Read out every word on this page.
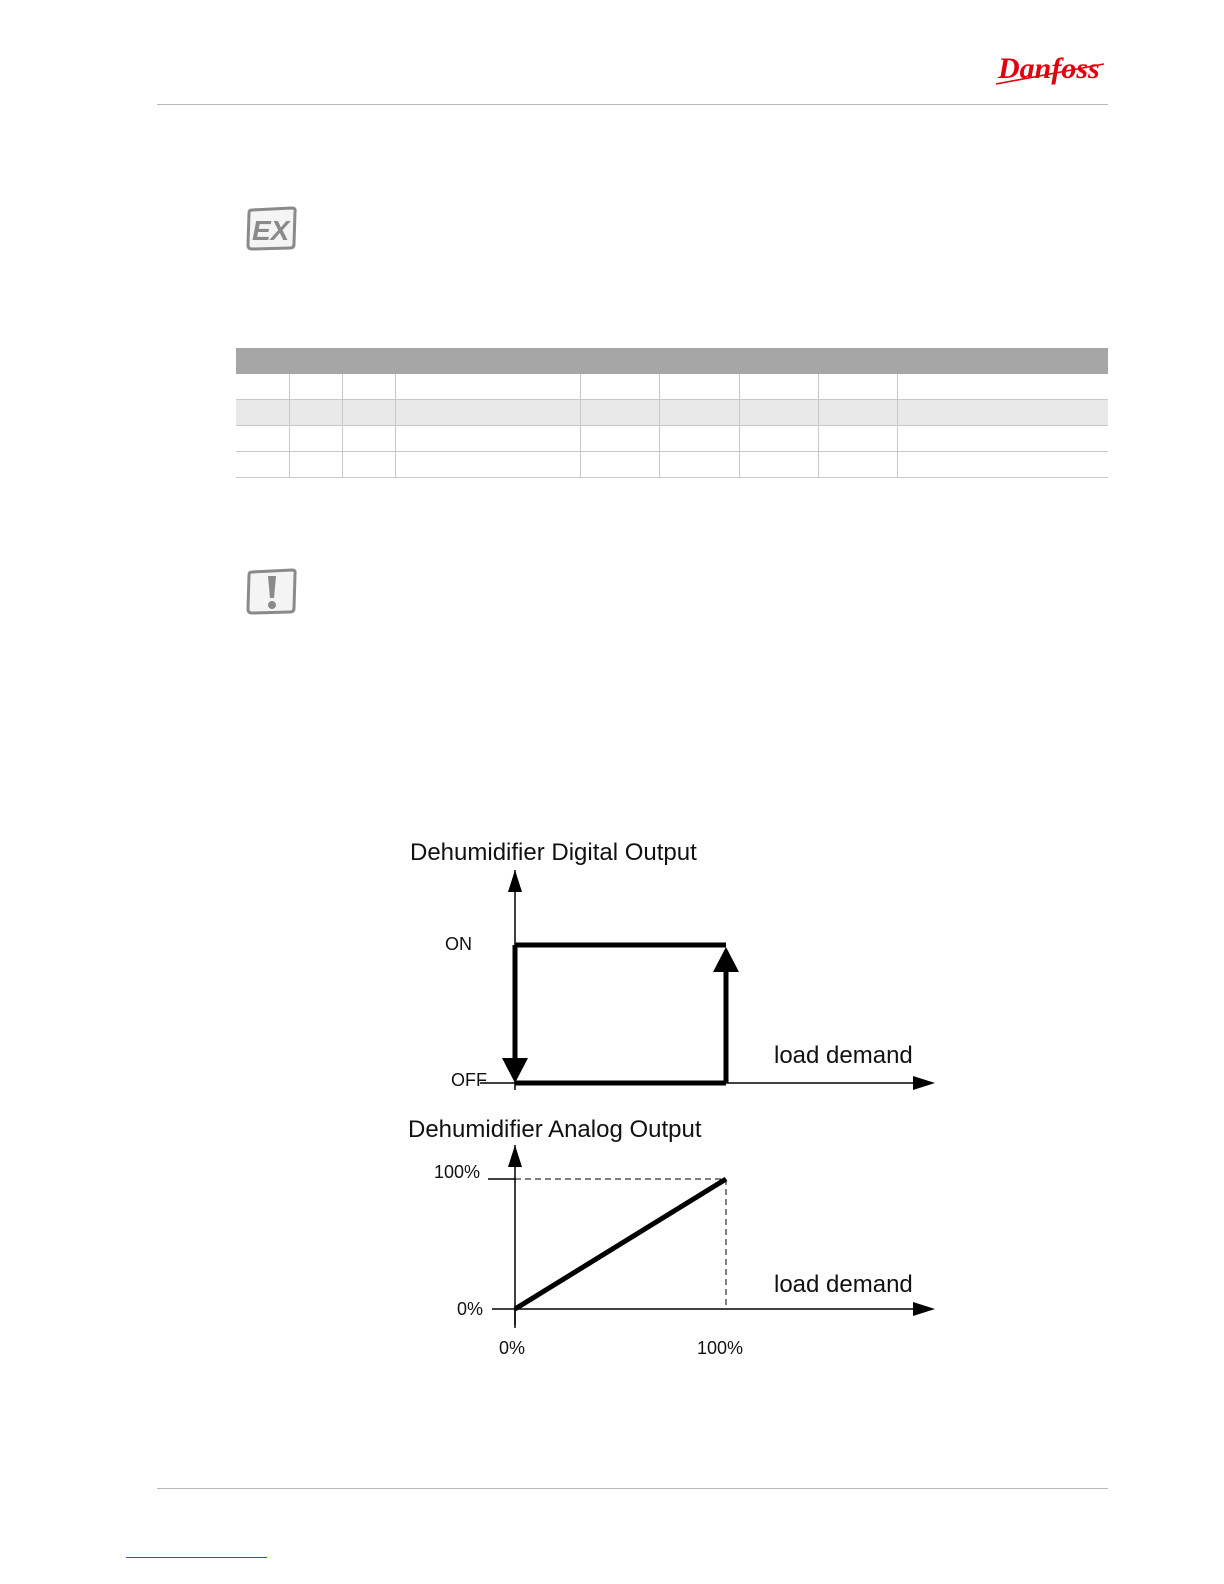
Danfoss
EX

Dehumidifier Digital Output
ON
OFF
load demand
Dehumidifier Analog Output
100%
0%
load demand
0%	100%
